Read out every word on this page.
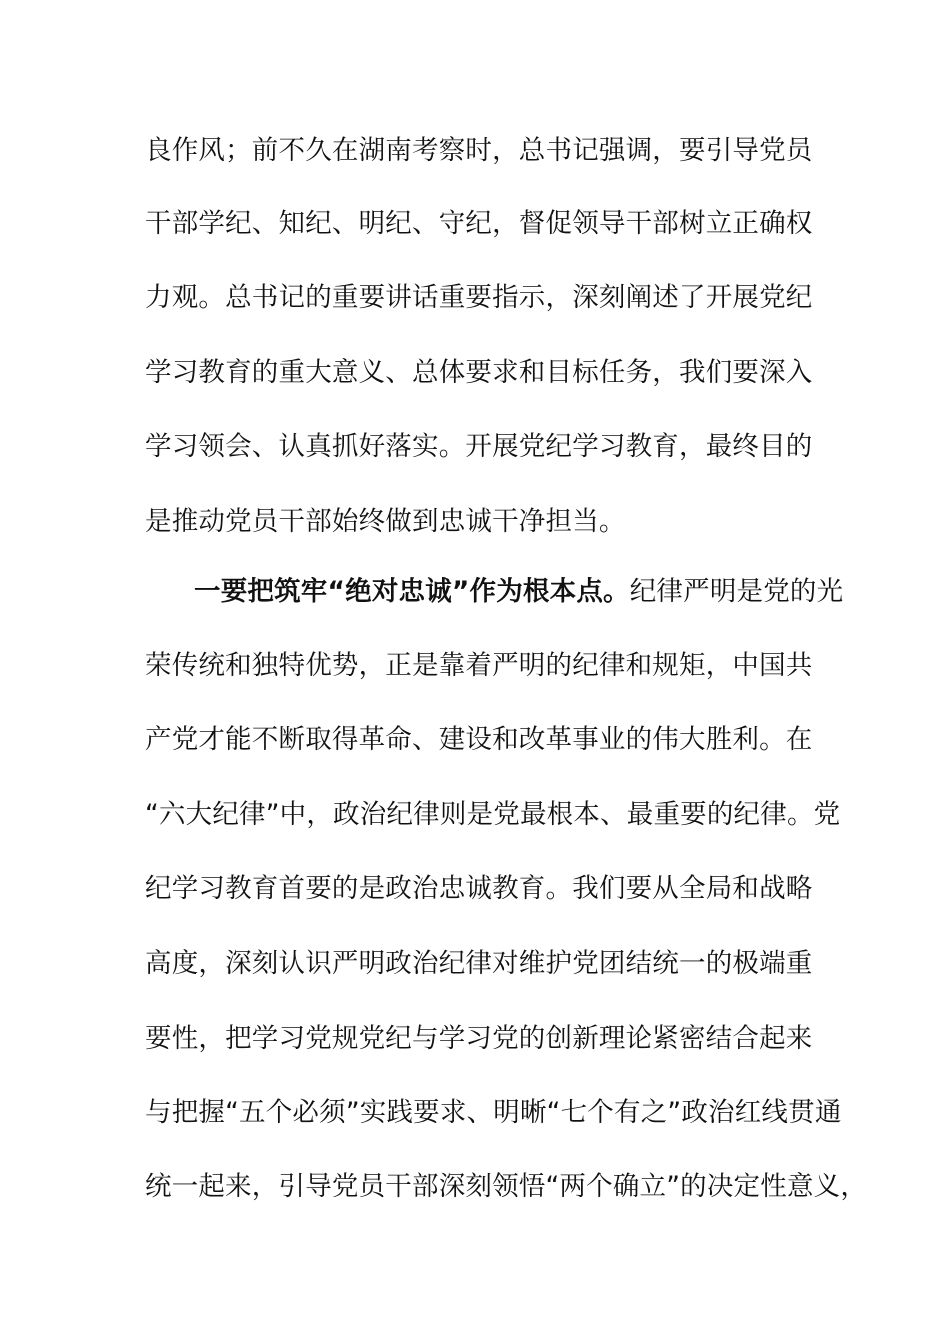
良作风；前不久在湖南考察时，总书记强调，要引导党员
干部学纪、知纪、明纪、守纪，督促领导干部树立正确权
力观。总书记的重要讲话重要指示，深刻阐述了开展党纪
学习教育的重大意义、总体要求和目标任务，我们要深入
学习领会、认真抓好落实。开展党纪学习教育，最终目的
是推动党员干部始终做到忠诚干净担当。
一要把筑牢“绝对忠诚”作为根本点。纪律严明是党的光
荣传统和独特优势，正是靠着严明的纪律和规矩，中国共
产党才能不断取得革命、建设和改革事业的伟大胜利。在
“六大纪律”中，政治纪律则是党最根本、最重要的纪律。党
纪学习教育首要的是政治忠诚教育。我们要从全局和战略
高度，深刻认识严明政治纪律对维护党团结统一的极端重
要性，把学习党规党纪与学习党的创新理论紧密结合起来
与把握“五个必须”实践要求、明晰“七个有之”政治红线贯通
统一起来，引导党员干部深刻领悟“两个确立”的决定性意义，
